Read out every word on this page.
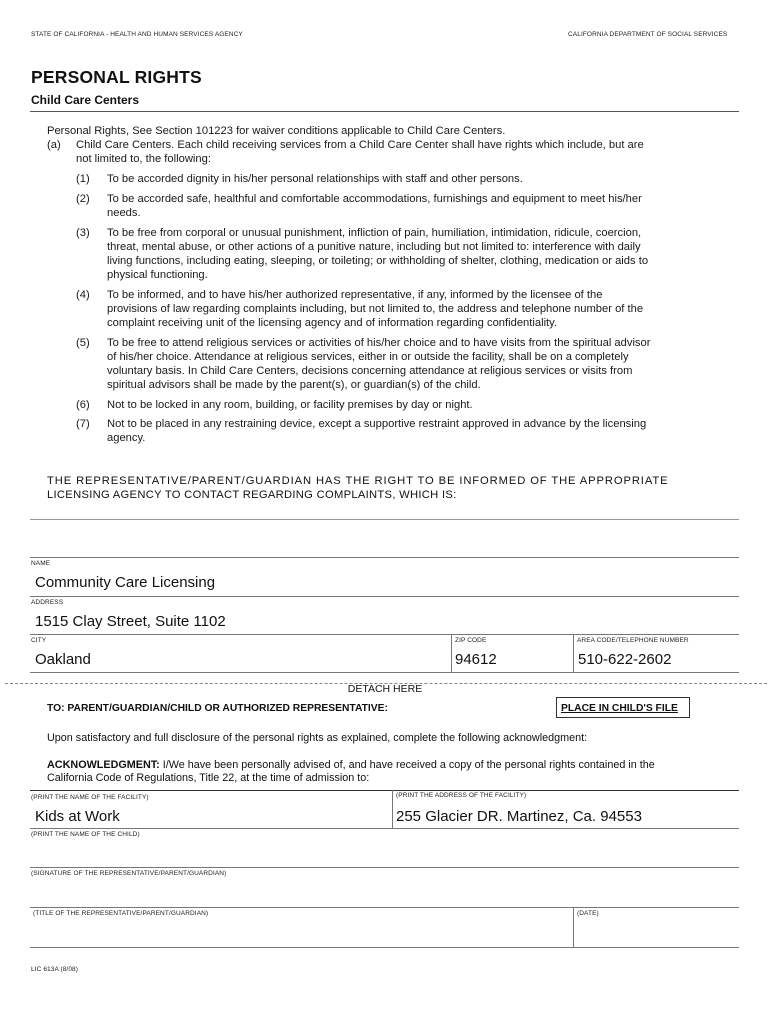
STATE OF CALIFORNIA - HEALTH AND HUMAN SERVICES AGENCY	CALIFORNIA DEPARTMENT OF SOCIAL SERVICES
PERSONAL RIGHTS
Child Care Centers
Personal Rights, See Section 101223 for waiver conditions applicable to Child Care Centers.
(a) Child Care Centers. Each child receiving services from a Child Care Center shall have rights which include, but are
not limited to, the following:
(1)	To be accorded dignity in his/her personal relationships with staff and other persons.
(2)	To be accorded safe, healthful and comfortable accommodations, furnishings and equipment to meet his/her
needs.
(3)	To be free from corporal or unusual punishment, infliction of pain, humiliation, intimidation, ridicule, coercion,
threat, mental abuse, or other actions of a punitive nature, including but not limited to: interference with daily
living functions, including eating, sleeping, or toileting; or withholding of shelter, clothing, medication or aids to
physical functioning.
(4)	To be informed, and to have his/her authorized representative, if any, informed by the licensee of the
provisions of law regarding complaints including, but not limited to, the address and telephone number of the
complaint receiving unit of the licensing agency and of information regarding confidentiality.
(5)	To be free to attend religious services or activities of his/her choice and to have visits from the spiritual advisor
of his/her choice. Attendance at religious services, either in or outside the facility, shall be on a completely
voluntary basis. In Child Care Centers, decisions concerning attendance at religious services or visits from
spiritual advisors shall be made by the parent(s), or guardian(s) of the child.
(6)	Not to be locked in any room, building, or facility premises by day or night.
(7)	Not to be placed in any restraining device, except a supportive restraint approved in advance by the licensing
agency.
THE REPRESENTATIVE/PARENT/GUARDIAN HAS THE RIGHT TO BE INFORMED OF THE APPROPRIATE
LICENSING AGENCY TO CONTACT REGARDING COMPLAINTS, WHICH IS:
NAME
Community Care Licensing
ADDRESS
1515 Clay Street, Suite 1102
CITY
Oakland
ZIP CODE
94612
AREA CODE/TELEPHONE NUMBER
510-622-2602
DETACH HERE
TO: PARENT/GUARDIAN/CHILD OR AUTHORIZED REPRESENTATIVE:	PLACE IN CHILD'S FILE
Upon satisfactory and full disclosure of the personal rights as explained, complete the following acknowledgment:
ACKNOWLEDGMENT: I/We have been personally advised of, and have received a copy of the personal rights contained in the
California Code of Regulations, Title 22, at the time of admission to:
(PRINT THE NAME OF THE FACILITY)
Kids at Work
(PRINT THE ADDRESS OF THE FACILITY)
255 Glacier DR. Martinez, Ca. 94553
(PRINT THE NAME OF THE CHILD)
(SIGNATURE OF THE REPRESENTATIVE/PARENT/GUARDIAN)
(TITLE OF THE REPRESENTATIVE/PARENT/GUARDIAN)	(DATE)
LIC 613A (8/08)
